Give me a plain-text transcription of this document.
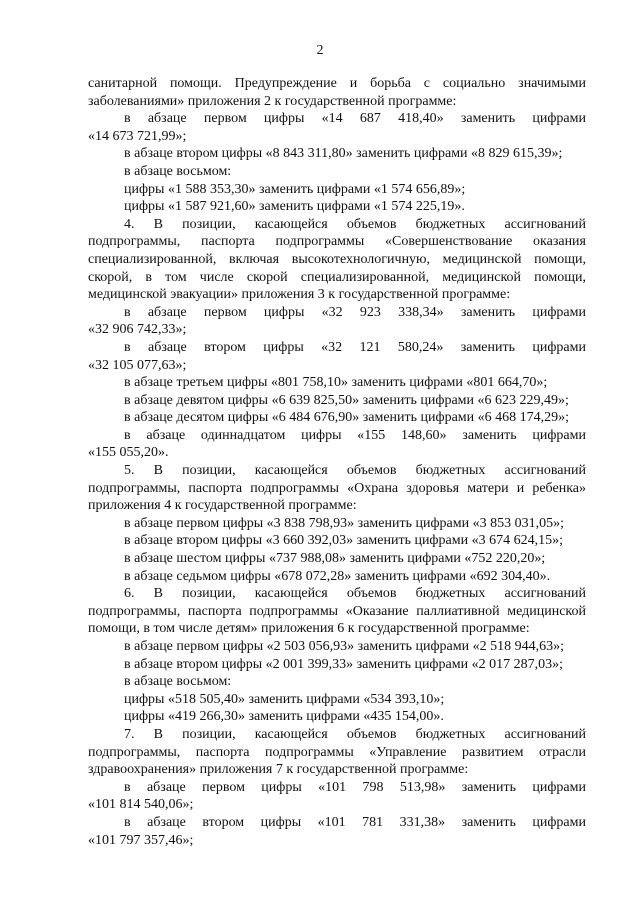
2
санитарной помощи. Предупреждение и борьба с социально значимыми
заболеваниями» приложения 2 к государственной программе:
в абзаце первом цифры «14 687 418,40» заменить цифрами
«14 673 721,99»;
в абзаце втором цифры «8 843 311,80» заменить цифрами «8 829 615,39»;
в абзаце восьмом:
цифры «1 588 353,30» заменить цифрами «1 574 656,89»;
цифры «1 587 921,60» заменить цифрами «1 574 225,19».
4. В позиции, касающейся объемов бюджетных ассигнований
подпрограммы, паспорта подпрограммы «Совершенствование оказания
специализированной, включая высокотехнологичную, медицинской помощи,
скорой, в том числе скорой специализированной, медицинской помощи,
медицинской эвакуации» приложения 3 к государственной программе:
в абзаце первом цифры «32 923 338,34» заменить цифрами
«32 906 742,33»;
в абзаце втором цифры «32 121 580,24» заменить цифрами
«32 105 077,63»;
в абзаце третьем цифры «801 758,10» заменить цифрами «801 664,70»;
в абзаце девятом цифры «6 639 825,50» заменить цифрами «6 623 229,49»;
в абзаце десятом цифры «6 484 676,90» заменить цифрами «6 468 174,29»;
в абзаце одиннадцатом цифры «155 148,60» заменить цифрами
«155 055,20».
5. В позиции, касающейся объемов бюджетных ассигнований
подпрограммы, паспорта подпрограммы «Охрана здоровья матери и ребенка»
приложения 4 к государственной программе:
в абзаце первом цифры «3 838 798,93» заменить цифрами «3 853 031,05»;
в абзаце втором цифры «3 660 392,03» заменить цифрами «3 674 624,15»;
в абзаце шестом цифры «737 988,08» заменить цифрами «752 220,20»;
в абзаце седьмом цифры «678 072,28» заменить цифрами «692 304,40».
6. В позиции, касающейся объемов бюджетных ассигнований
подпрограммы, паспорта подпрограммы «Оказание паллиативной медицинской
помощи, в том числе детям» приложения 6 к государственной программе:
в абзаце первом цифры «2 503 056,93» заменить цифрами «2 518 944,63»;
в абзаце втором цифры «2 001 399,33» заменить цифрами «2 017 287,03»;
в абзаце восьмом:
цифры «518 505,40» заменить цифрами «534 393,10»;
цифры «419 266,30» заменить цифрами «435 154,00».
7. В позиции, касающейся объемов бюджетных ассигнований
подпрограммы, паспорта подпрограммы «Управление развитием отрасли
здравоохранения» приложения 7 к государственной программе:
в абзаце первом цифры «101 798 513,98» заменить цифрами
«101 814 540,06»;
в абзаце втором цифры «101 781 331,38» заменить цифрами
«101 797 357,46»;
